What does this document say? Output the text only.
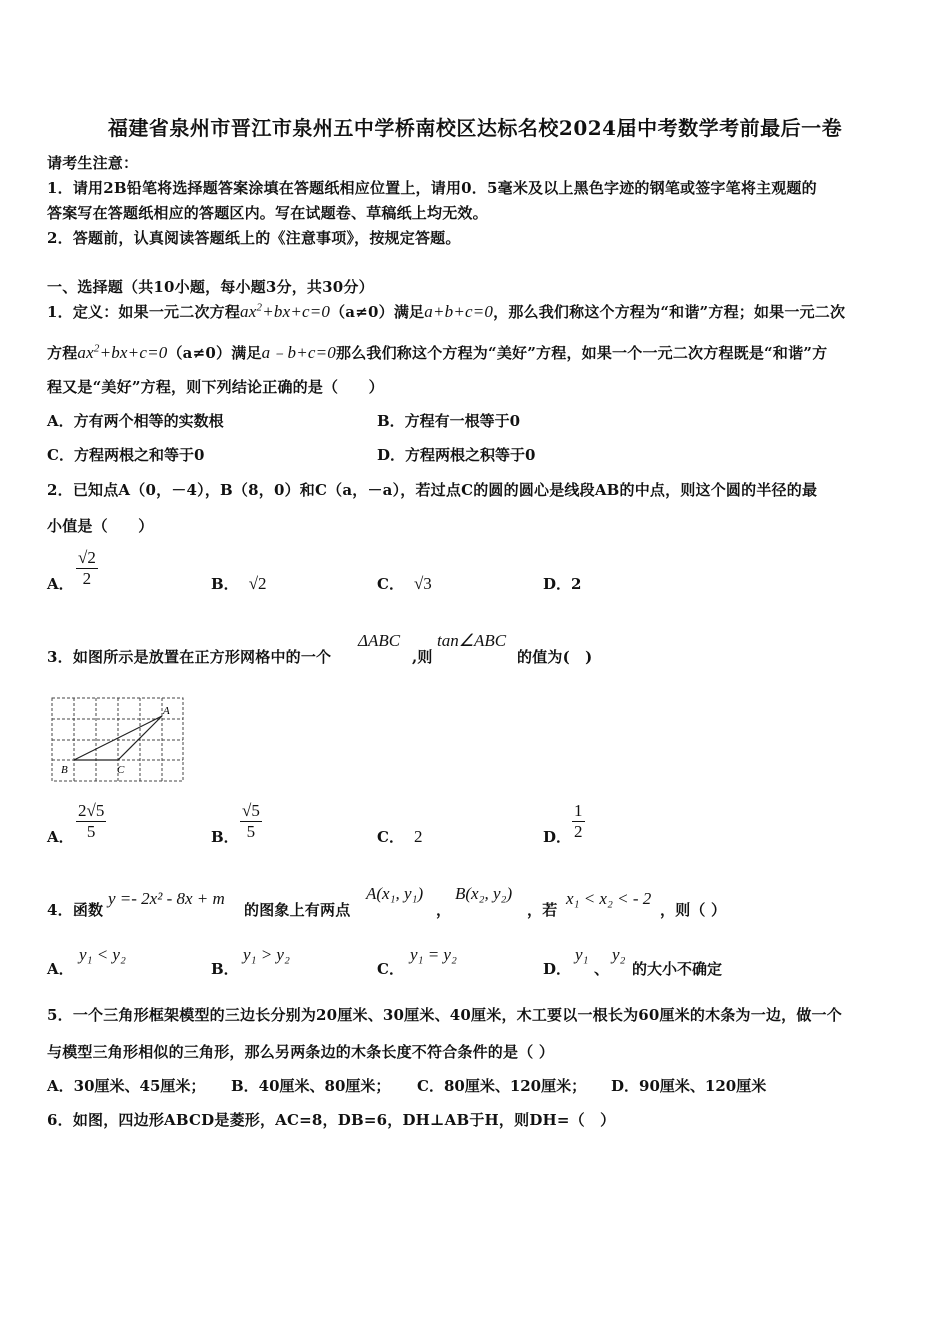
福建省泉州市晋江市泉州五中学桥南校区达标名校2024届中考数学考前最后一卷
请考生注意：
1．请用2B铅笔将选择题答案涂填在答题纸相应位置上，请用0．5毫米及以上黑色字迹的钢笔或签字笔将主观题的
答案写在答题纸相应的答题区内。写在试题卷、草稿纸上均无效。
2．答题前，认真阅读答题纸上的《注意事项》，按规定答题。
一、选择题（共10小题，每小题3分，共30分）
1．定义：如果一元二次方程$ax^2+bx+c=0(a\ne 0)$满足a+b+c=0，那么我们称这个方程为“和谐”方程；如果一元二次
方程$ax^2+bx+c=0(a\ne 0)$满足a﹣b+c=0那么我们称这个方程为“美好”方程，如果一个一元二次方程既是“和谐”方
程又是“美好”方程，则下列结论正确的是（　　）
A．方有两个相等的实数根	B．方程有一根等于0
C．方程两根之和等于0	D．方程两根之积等于0
2．已知点A（0，－4），B（8，0）和C（a，－a），若过点C的圆的圆心是线段AB的中点，则这个圆的半径的最
小值是（　　）
A． $\frac{√2}{2}$	B． √2	C． √3	D．2
3．如图所示是放置在正方形网格中的一个
ΔABC
,则
tan∠ABC
的值为(　)
A
B	C
A． $\frac{2√5}{5}$	B． $\frac{√5}{5}$	C． 2	D． $\frac{1}{2}$
4．函数
y =- 2x² - 8x + m
的图象上有两点
A(x₁, y₁)
，
B(x₂, y₂)
，若
x₁ < x₂ < - 2
，则（ ）
A．
y₁ < y₂
B．
y₁ > y₂
C．
y₁ = y₂
D．
y₁
、
y₂
的大小不确定
5．一个三角形框架模型的三边长分别为20厘米、30厘米、40厘米，木工要以一根长为60厘米的木条为一边，做一个
与模型三角形相似的三角形，那么另两条边的木条长度不符合条件的是（ ）
A．30厘米、45厘米； B．40厘米、80厘米； C．80厘米、120厘米； D．90厘米、120厘米
6．如图，四边形ABCD是菱形，AC=8，DB=6，DH⊥AB于H，则DH=（　）
